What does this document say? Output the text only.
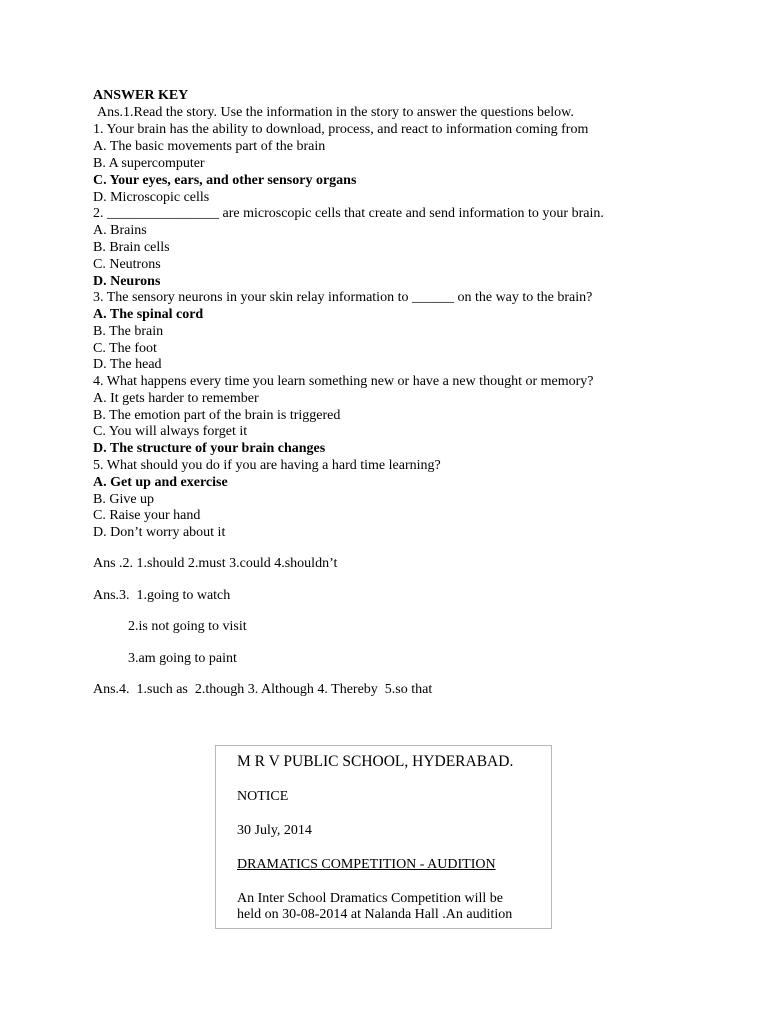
ANSWER KEY

Ans.1.Read the story. Use the information in the story to answer the questions below.

1. Your brain has the ability to download, process, and react to information coming from

A. The basic movements part of the brain

B. A supercomputer

C. Your eyes, ears, and other sensory organs

D. Microscopic cells

2. ________________ are microscopic cells that create and send information to your brain.

A. Brains

B. Brain cells

C. Neutrons

D. Neurons

3. The sensory neurons in your skin relay information to ______ on the way to the brain?

A. The spinal cord

B. The brain

C. The foot

D. The head

4. What happens every time you learn something new or have a new thought or memory?

A. It gets harder to remember

B. The emotion part of the brain is triggered

C. You will always forget it

D. The structure of your brain changes

5. What should you do if you are having a hard time learning?

A. Get up and exercise

B. Give up

C. Raise your hand

D. Don’t worry about it

Ans .2. 1.should 2.must 3.could 4.shouldn’t

Ans.3.  1.going to watch

2.is not going to visit

3.am going to paint

Ans.4.  1.such as  2.though 3. Although 4. Thereby  5.so that

M R V PUBLIC SCHOOL, HYDERABAD.

NOTICE

30 July, 2014

DRAMATICS COMPETITION - AUDITION

An Inter School Dramatics Competition will be

held on 30-08-2014 at Nalanda Hall .An audition
